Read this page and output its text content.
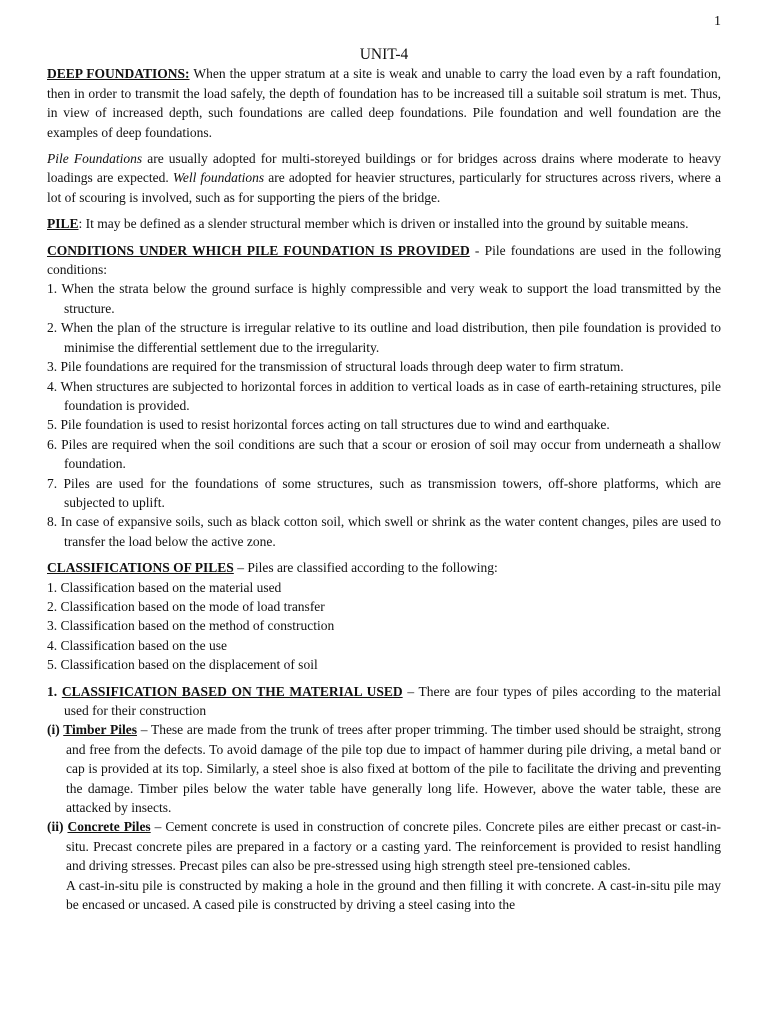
1

UNIT-4

DEEP FOUNDATIONS: When the upper stratum at a site is weak and unable to carry the load even by a raft foundation, then in order to transmit the load safely, the depth of foundation has to be increased till a suitable soil stratum is met. Thus, in view of increased depth, such foundations are called deep foundations. Pile foundation and well foundation are the examples of deep foundations.

Pile Foundations are usually adopted for multi-storeyed buildings or for bridges across drains where moderate to heavy loadings are expected. Well foundations are adopted for heavier structures, particularly for structures across rivers, where a lot of scouring is involved, such as for supporting the piers of the bridge.

PILE: It may be defined as a slender structural member which is driven or installed into the ground by suitable means.

CONDITIONS UNDER WHICH PILE FOUNDATION IS PROVIDED - Pile foundations are used in the following conditions:

1. When the strata below the ground surface is highly compressible and very weak to support the load transmitted by the structure.

2. When the plan of the structure is irregular relative to its outline and load distribution, then pile foundation is provided to minimise the differential settlement due to the irregularity.

3. Pile foundations are required for the transmission of structural loads through deep water to firm stratum.

4. When structures are subjected to horizontal forces in addition to vertical loads as in case of earth-retaining structures, pile foundation is provided.

5. Pile foundation is used to resist horizontal forces acting on tall structures due to wind and earthquake.

6. Piles are required when the soil conditions are such that a scour or erosion of soil may occur from underneath a shallow foundation.

7. Piles are used for the foundations of some structures, such as transmission towers, off-shore platforms, which are subjected to uplift.

8. In case of expansive soils, such as black cotton soil, which swell or shrink as the water content changes, piles are used to transfer the load below the active zone.

CLASSIFICATIONS OF PILES – Piles are classified according to the following:

1. Classification based on the material used

2. Classification based on the mode of load transfer

3. Classification based on the method of construction

4. Classification based on the use

5. Classification based on the displacement of soil

1. CLASSIFICATION BASED ON THE MATERIAL USED – There are four types of piles according to the material used for their construction

(i) Timber Piles – These are made from the trunk of trees after proper trimming. The timber used should be straight, strong and free from the defects. To avoid damage of the pile top due to impact of hammer during pile driving, a metal band or cap is provided at its top. Similarly, a steel shoe is also fixed at bottom of the pile to facilitate the driving and preventing the damage. Timber piles below the water table have generally long life. However, above the water table, these are attacked by insects.

(ii) Concrete Piles – Cement concrete is used in construction of concrete piles. Concrete piles are either precast or cast-in-situ. Precast concrete piles are prepared in a factory or a casting yard. The reinforcement is provided to resist handling and driving stresses. Precast piles can also be pre-stressed using high strength steel pre-tensioned cables.

A cast-in-situ pile is constructed by making a hole in the ground and then filling it with concrete. A cast-in-situ pile may be encased or uncased. A cased pile is constructed by driving a steel casing into the
